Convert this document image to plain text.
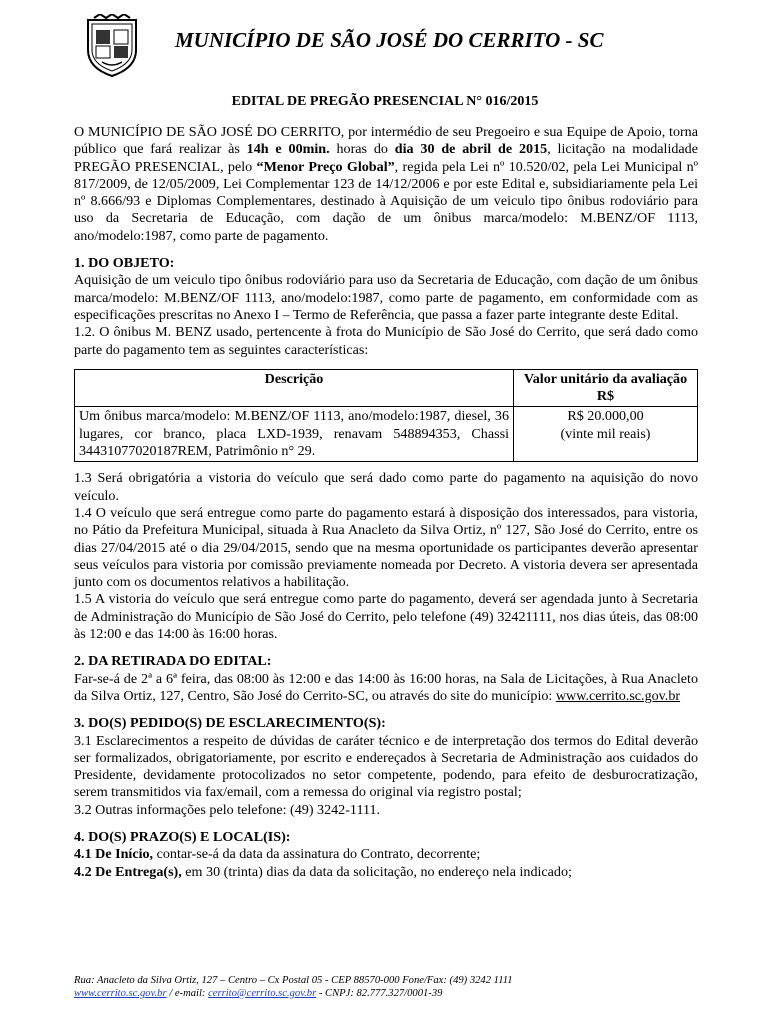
MUNICÍPIO DE SÃO JOSÉ DO CERRITO - SC
EDITAL DE PREGÃO PRESENCIAL N° 016/2015

O MUNICÍPIO DE SÃO JOSÉ DO CERRITO, por intermédio de seu Pregoeiro e sua Equipe de Apoio, torna público que fará realizar às 14h e 00min. horas do dia 30 de abril de 2015, licitação na modalidade PREGÃO PRESENCIAL, pelo “Menor Preço Global”, regida pela Lei nº 10.520/02, pela Lei Municipal nº 817/2009, de 12/05/2009, Lei Complementar 123 de 14/12/2006 e por este Edital e, subsidiariamente pela Lei nº 8.666/93 e Diplomas Complementares, destinado à Aquisição de um veiculo tipo ônibus rodoviário para uso da Secretaria de Educação, com dação de um ônibus marca/modelo: M.BENZ/OF 1113, ano/modelo:1987, como parte de pagamento.

1. DO OBJETO:

Aquisição de um veiculo tipo ônibus rodoviário para uso da Secretaria de Educação, com dação de um ônibus marca/modelo: M.BENZ/OF 1113, ano/modelo:1987, como parte de pagamento, em conformidade com as especificações prescritas no Anexo I – Termo de Referência, que passa a fazer parte integrante deste Edital.

1.2. O ônibus M. BENZ usado, pertencente à frota do Município de São José do Cerrito, que será dado como parte do pagamento tem as seguintes características:

Descrição	Valor unitário da avaliação R$

Um ônibus marca/modelo: M.BENZ/OF 1113, ano/modelo:1987, diesel, 36 lugares, cor branco, placa LXD-1939, renavam 548894353, Chassi 34431077020187REM, Patrimônio n° 29.	R$ 20.000,00
(vinte mil reais)

1.3 Será obrigatória a vistoria do veículo que será dado como parte do pagamento na aquisição do novo veículo.

1.4 O veículo que será entregue como parte do pagamento estará à disposição dos interessados, para vistoria, no Pátio da Prefeitura Municipal, situada à Rua Anacleto da Silva Ortiz, nº 127, São José do Cerrito, entre os dias 27/04/2015 até o dia 29/04/2015, sendo que na mesma oportunidade os participantes deverão apresentar seus veículos para vistoria por comissão previamente nomeada por Decreto. A vistoria devera ser apresentada junto com os documentos relativos a habilitação.

1.5 A vistoria do veículo que será entregue como parte do pagamento, deverá ser agendada junto à Secretaria de Administração do Município de São José do Cerrito, pelo telefone (49) 32421111, nos dias úteis, das 08:00 às 12:00 e das 14:00 às 16:00 horas.

2. DA RETIRADA DO EDITAL:

Far-se-á de 2ª a 6ª feira, das 08:00 às 12:00 e das 14:00 às 16:00 horas, na Sala de Licitações, à Rua Anacleto da Silva Ortiz, 127, Centro, São José do Cerrito-SC, ou através do site do município: www.cerrito.sc.gov.br

3. DO(S) PEDIDO(S) DE ESCLARECIMENTO(S):

3.1 Esclarecimentos a respeito de dúvidas de caráter técnico e de interpretação dos termos do Edital deverão ser formalizados, obrigatoriamente, por escrito e endereçados à Secretaria de Administração aos cuidados do Presidente, devidamente protocolizados no setor competente, podendo, para efeito de desburocratização, serem transmitidos via fax/email, com a remessa do original via registro postal;

3.2 Outras informações pelo telefone: (49) 3242-1111.

4. DO(S) PRAZO(S) E LOCAL(IS):

4.1 De Início, contar-se-á da data da assinatura do Contrato, decorrente;

4.2 De Entrega(s), em 30 (trinta) dias da data da solicitação, no endereço nela indicado;

Rua: Anacleto da Silva Ortiz, 127 – Centro – Cx Postal 05 - CEP 88570-000 Fone/Fax: (49) 3242 1111
www.cerrito.sc.gov.br / e-mail: cerrito@cerrito.sc.gov.br - CNPJ: 82.777.327/0001-39
